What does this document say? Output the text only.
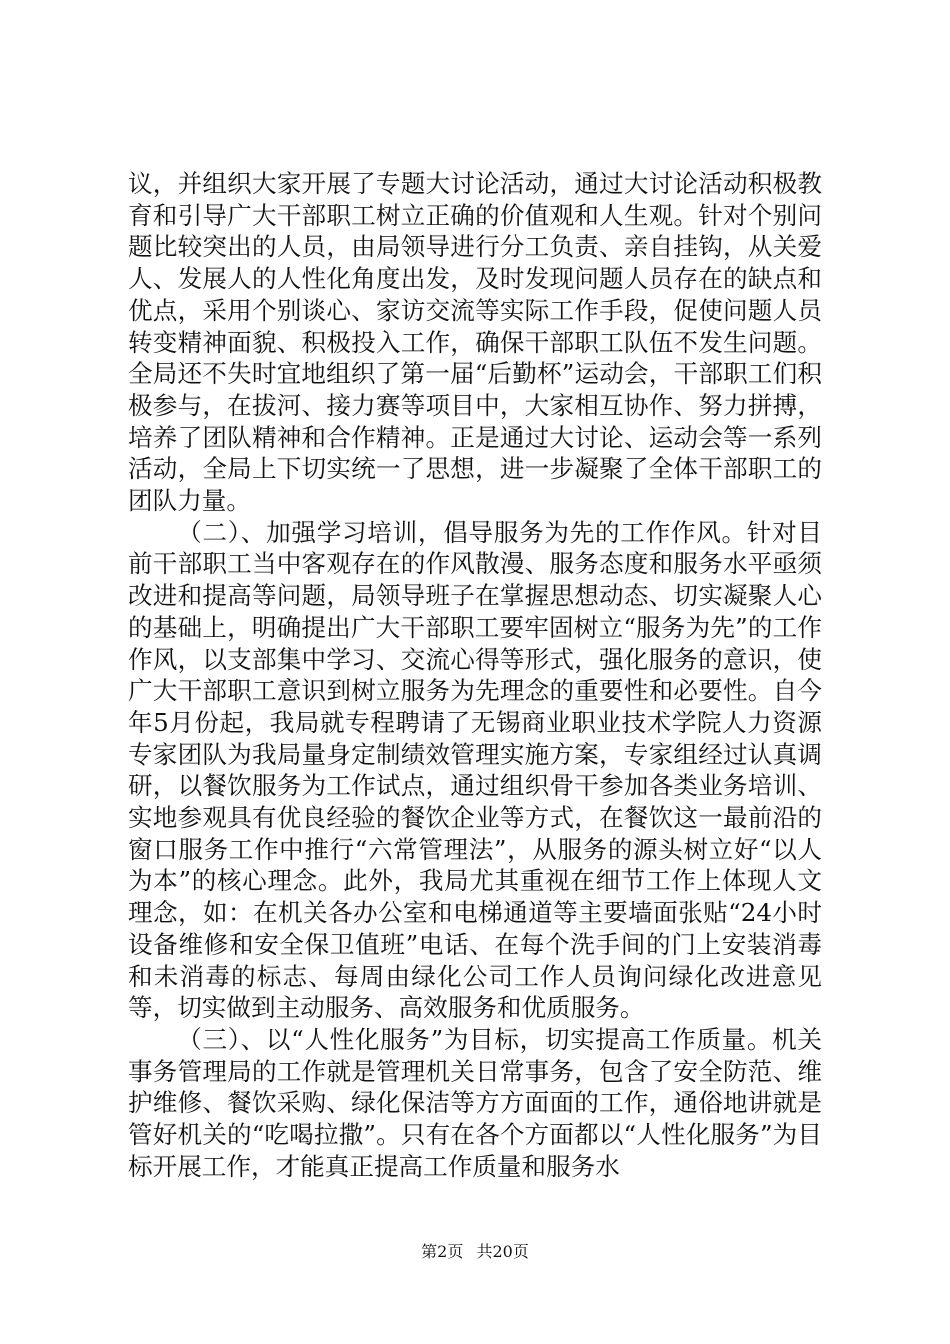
议，并组织大家开展了专题大讨论活动，通过大讨论活动积极教育和引导广大干部职工树立正确的价值观和人生观。针对个别问题比较突出的人员，由局领导进行分工负责、亲自挂钩，从关爱人、发展人的人性化角度出发，及时发现问题人员存在的缺点和优点，采用个别谈心、家访交流等实际工作手段，促使问题人员转变精神面貌、积极投入工作，确保干部职工队伍不发生问题。全局还不失时宜地组织了第一届“后勤杯”运动会，干部职工们积极参与，在拔河、接力赛等项目中，大家相互协作、努力拼搏，培养了团队精神和合作精神。正是通过大讨论、运动会等一系列活动，全局上下切实统一了思想，进一步凝聚了全体干部职工的团队力量。

（二）、加强学习培训，倡导服务为先的工作作风。针对目前干部职工当中客观存在的作风散漫、服务态度和服务水平亟须改进和提高等问题，局领导班子在掌握思想动态、切实凝聚人心的基础上，明确提出广大干部职工要牢固树立“服务为先”的工作作风，以支部集中学习、交流心得等形式，强化服务的意识，使广大干部职工意识到树立服务为先理念的重要性和必要性。自今年5月份起，我局就专程聘请了无锡商业职业技术学院人力资源专家团队为我局量身定制绩效管理实施方案，专家组经过认真调研，以餐饮服务为工作试点，通过组织骨干参加各类业务培训、实地参观具有优良经验的餐饮企业等方式，在餐饮这一最前沿的窗口服务工作中推行“六常管理法”，从服务的源头树立好“以人为本”的核心理念。此外，我局尤其重视在细节工作上体现人文理念，如：在机关各办公室和电梯通道等主要墙面张贴“24小时设备维修和安全保卫值班”电话、在每个洗手间的门上安装消毒和未消毒的标志、每周由绿化公司工作人员询问绿化改进意见等，切实做到主动服务、高效服务和优质服务。

（三）、以“人性化服务”为目标，切实提高工作质量。机关事务管理局的工作就是管理机关日常事务，包含了安全防范、维护维修、餐饮采购、绿化保洁等方方面面的工作，通俗地讲就是管好机关的“吃喝拉撒”。只有在各个方面都以“人性化服务”为目标开展工作，才能真正提高工作质量和服务水

第2页 共20页
